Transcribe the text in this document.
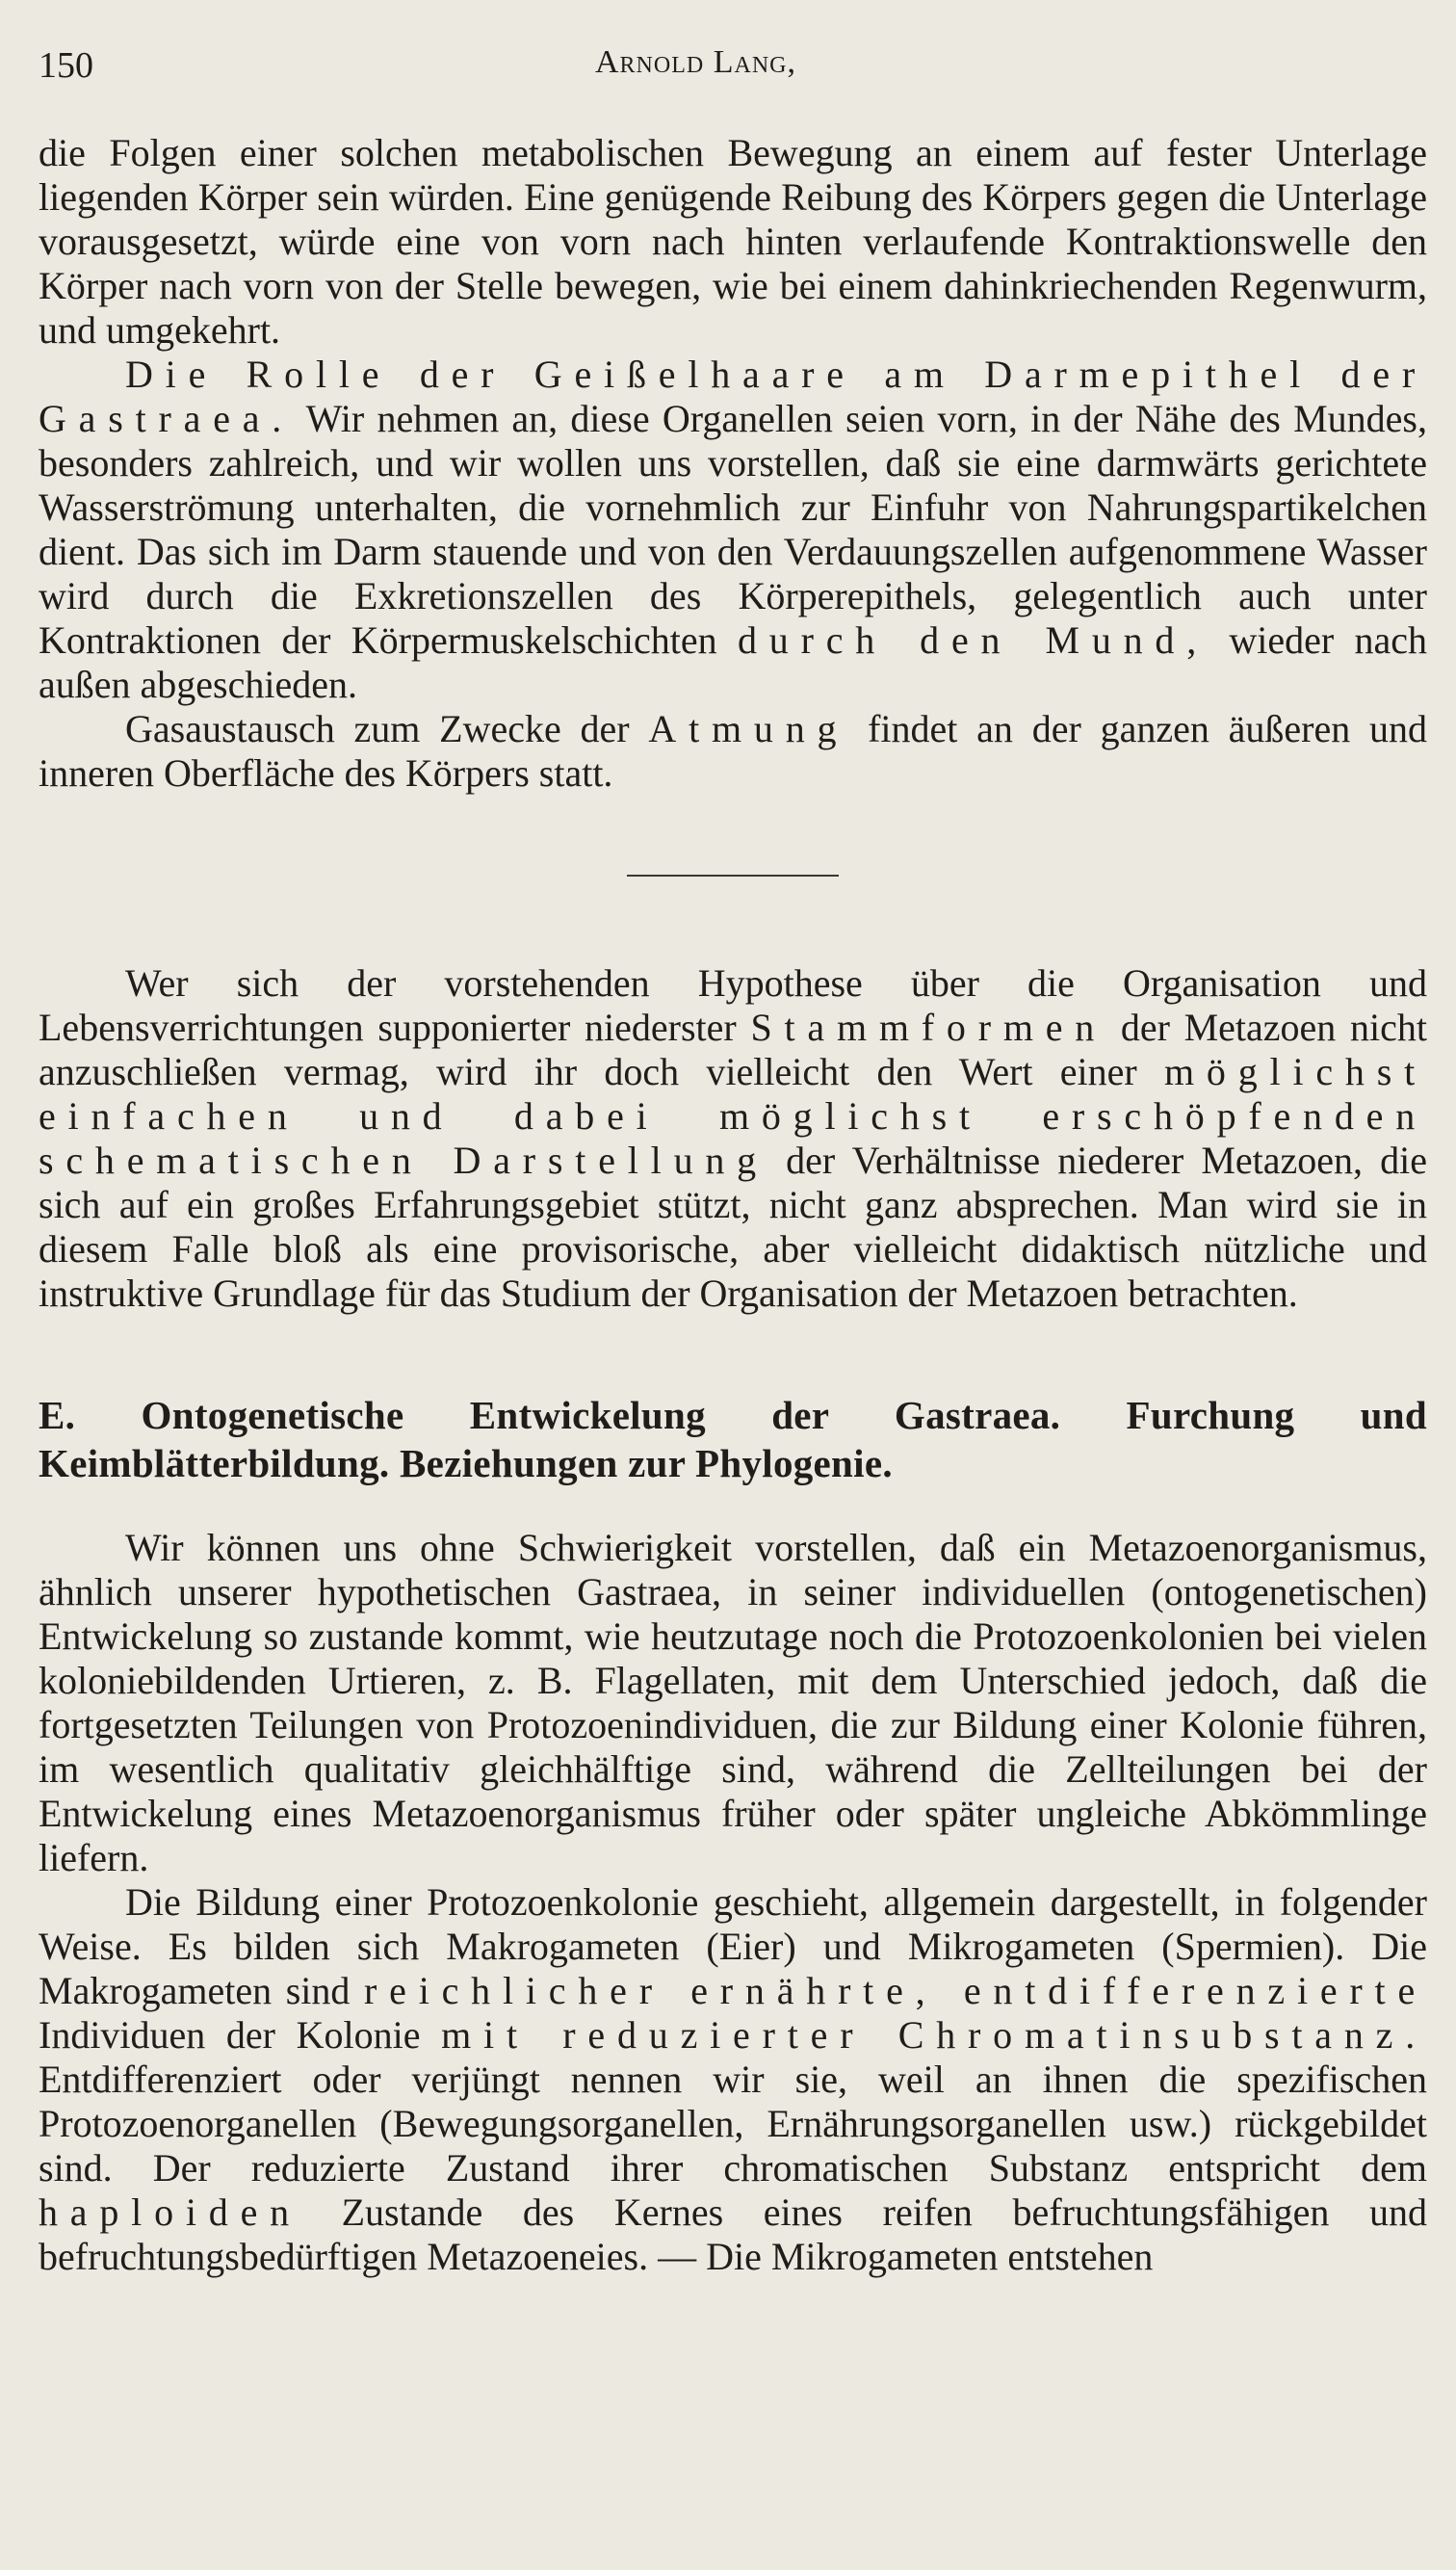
150	Arnold Lang,

die Folgen einer solchen metabolischen Bewegung an einem auf fester Unterlage liegenden Körper sein würden. Eine genügende Reibung des Körpers gegen die Unterlage vorausgesetzt, würde eine von vorn nach hinten verlaufende Kontraktionswelle den Körper nach vorn von der Stelle bewegen, wie bei einem dahinkriechenden Regenwurm, und umgekehrt.

Die Rolle der Geißelhaare am Darmepithel der Gastraea. Wir nehmen an, diese Organellen seien vorn, in der Nähe des Mundes, besonders zahlreich, und wir wollen uns vorstellen, daß sie eine darmwärts gerichtete Wasserströmung unterhalten, die vornehmlich zur Einfuhr von Nahrungspartikelchen dient. Das sich im Darm stauende und von den Verdauungszellen aufgenommene Wasser wird durch die Exkretionszellen des Körperepithels, gelegentlich auch unter Kontraktionen der Körpermuskelschichten durch den Mund, wieder nach außen abgeschieden.

Gasaustausch zum Zwecke der Atmung findet an der ganzen äußeren und inneren Oberfläche des Körpers statt.

Wer sich der vorstehenden Hypothese über die Organisation und Lebensverrichtungen supponierter niederster Stammformen der Metazoen nicht anzuschließen vermag, wird ihr doch vielleicht den Wert einer möglichst einfachen und dabei möglichst erschöpfenden schematischen Darstellung der Verhältnisse niederer Metazoen, die sich auf ein großes Erfahrungsgebiet stützt, nicht ganz absprechen. Man wird sie in diesem Falle bloß als eine provisorische, aber vielleicht didaktisch nützliche und instruktive Grundlage für das Studium der Organisation der Metazoen betrachten.

E. Ontogenetische Entwickelung der Gastraea. Furchung und Keimblätterbildung. Beziehungen zur Phylogenie.

Wir können uns ohne Schwierigkeit vorstellen, daß ein Metazoenorganismus, ähnlich unserer hypothetischen Gastraea, in seiner individuellen (ontogenetischen) Entwickelung so zustande kommt, wie heutzutage noch die Protozoenkolonien bei vielen koloniebildenden Urtieren, z. B. Flagellaten, mit dem Unterschied jedoch, daß die fortgesetzten Teilungen von Protozoenindividuen, die zur Bildung einer Kolonie führen, im wesentlich qualitativ gleichhälftige sind, während die Zellteilungen bei der Entwickelung eines Metazoenorganismus früher oder später ungleiche Abkömmlinge liefern.

Die Bildung einer Protozoenkolonie geschieht, allgemein dargestellt, in folgender Weise. Es bilden sich Makrogameten (Eier) und Mikrogameten (Spermien). Die Makrogameten sind reichlicher ernährte, entdifferenzierte Individuen der Kolonie mit reduzierter Chromatinsubstanz. Entdifferenziert oder verjüngt nennen wir sie, weil an ihnen die spezifischen Protozoenorganellen (Bewegungsorganellen, Ernährungsorganellen usw.) rückgebildet sind. Der reduzierte Zustand ihrer chromatischen Substanz entspricht dem haploiden Zustande des Kernes eines reifen befruchtungsfähigen und befruchtungsbedürftigen Metazoeneies. — Die Mikrogameten entstehen
